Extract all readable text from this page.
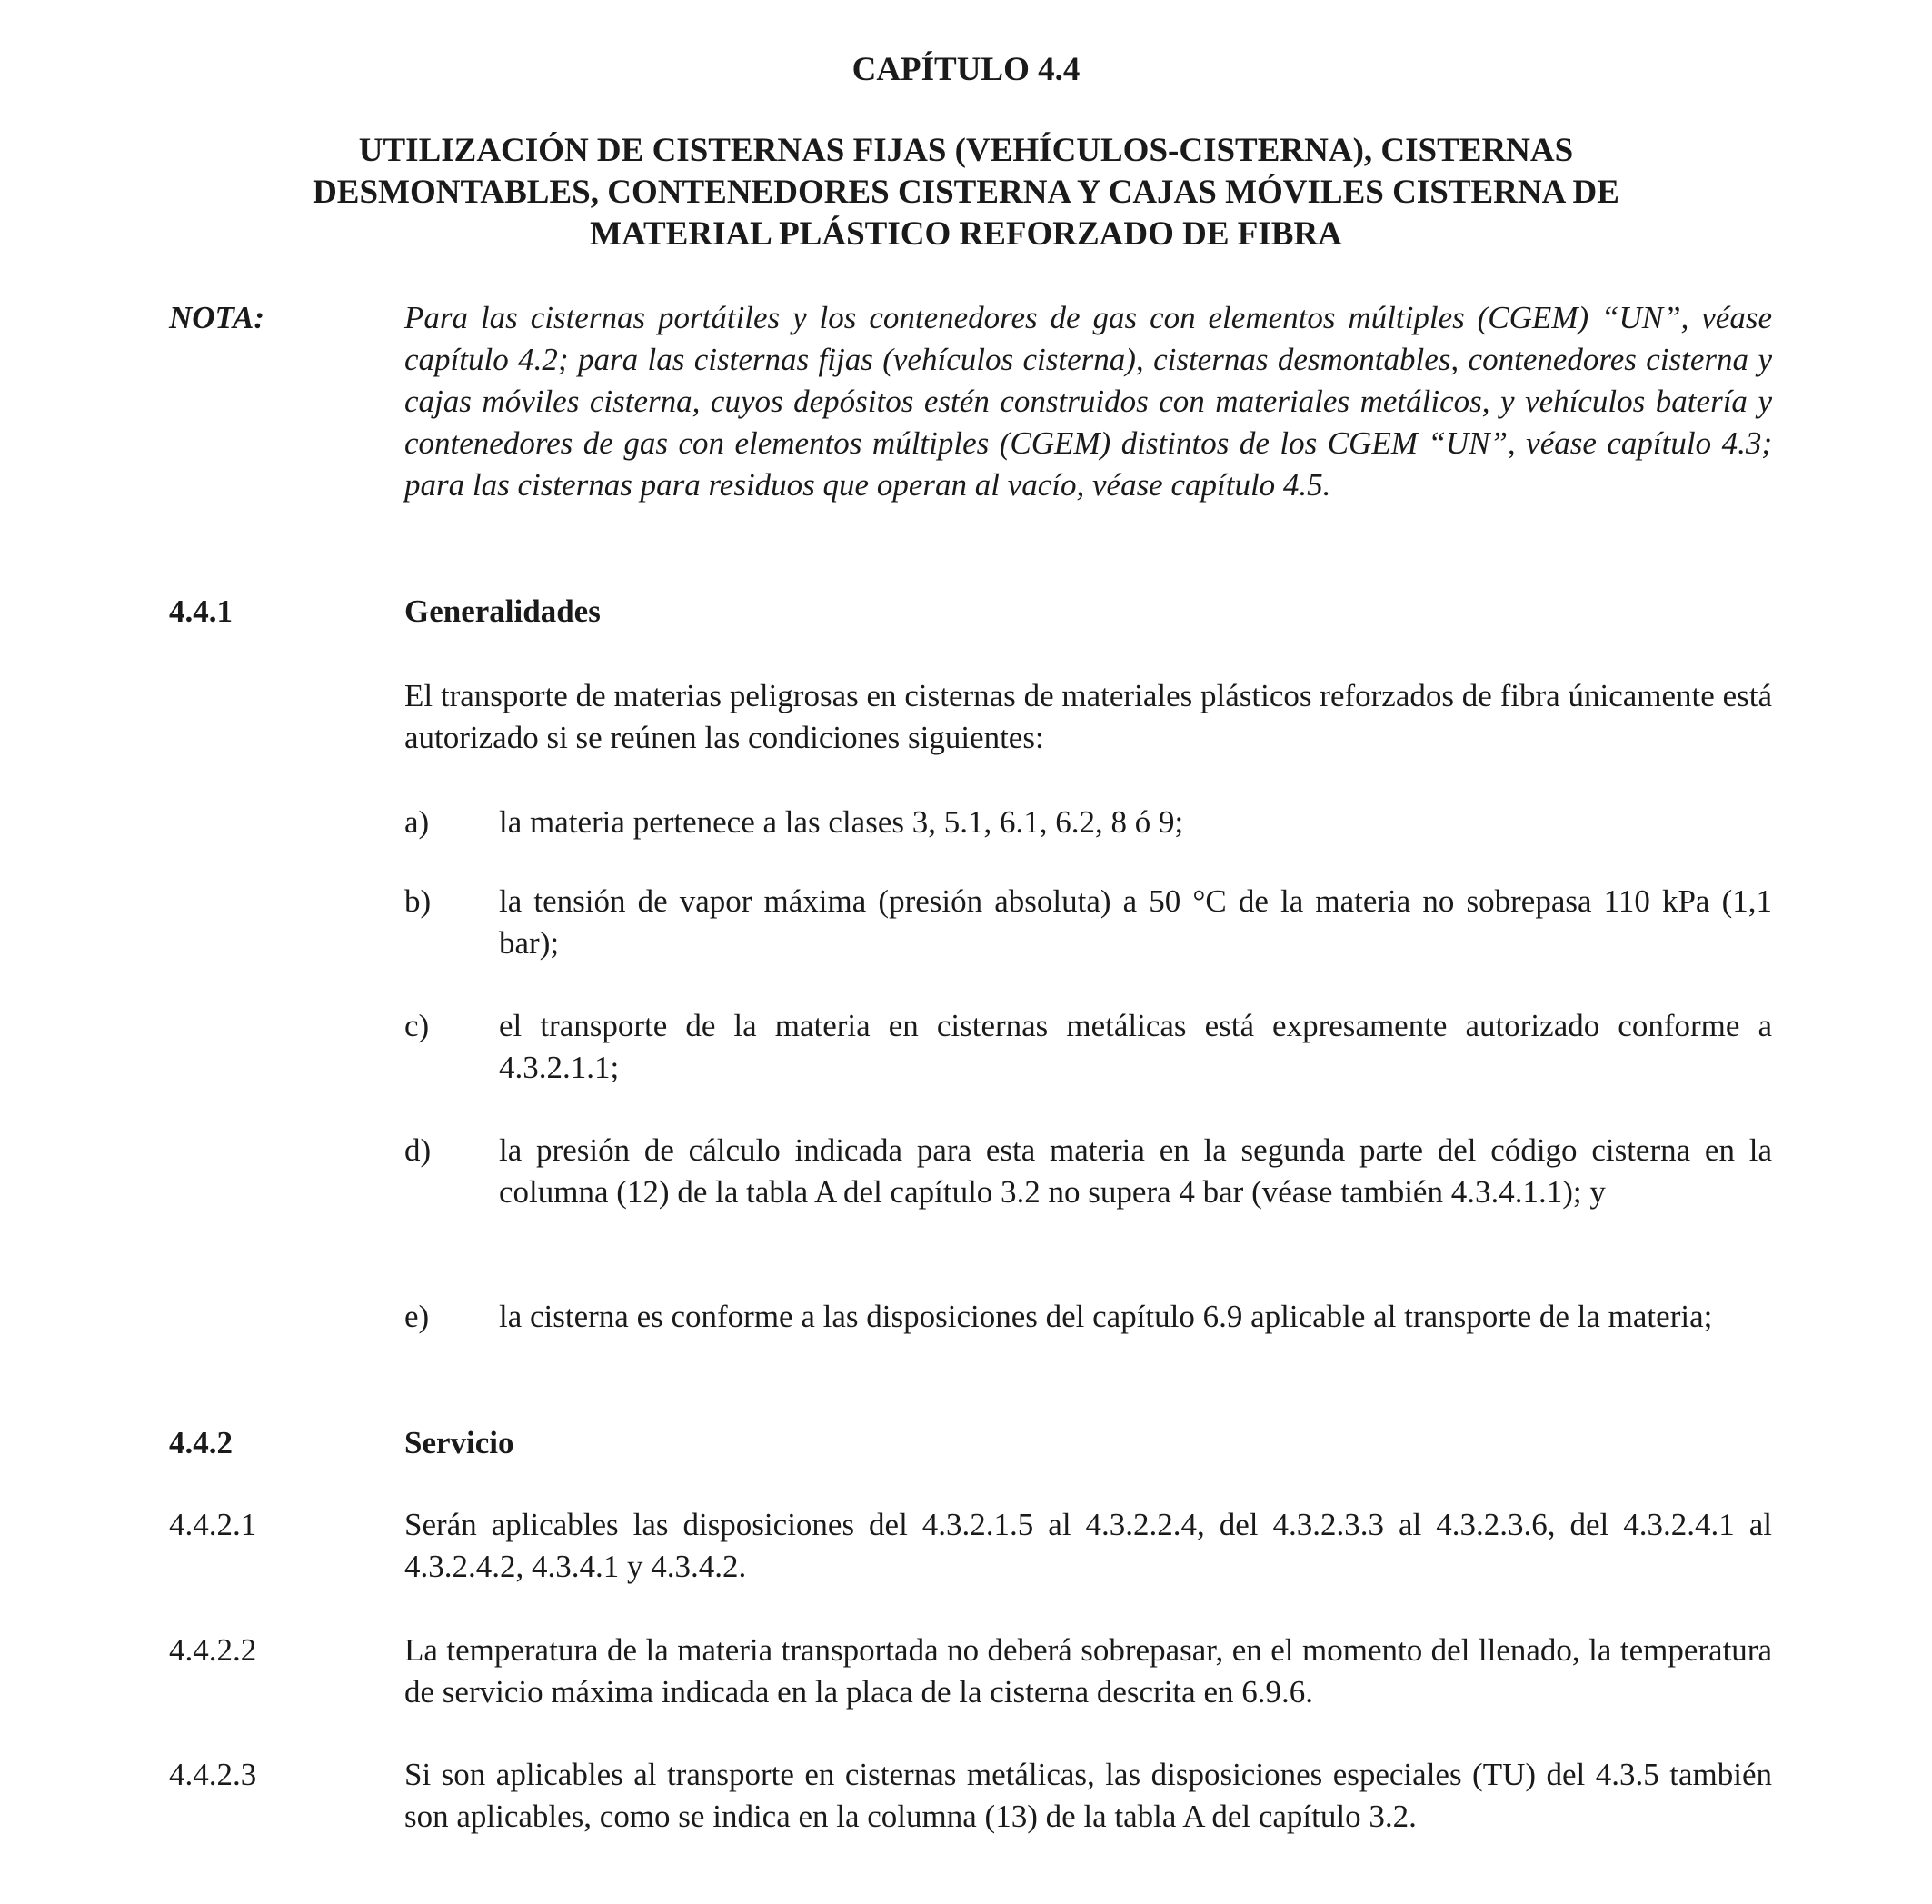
CAPÍTULO 4.4
UTILIZACIÓN DE CISTERNAS FIJAS (VEHÍCULOS-CISTERNA), CISTERNAS
DESMONTABLES, CONTENEDORES CISTERNA Y CAJAS MÓVILES CISTERNA DE
MATERIAL PLÁSTICO REFORZADO DE FIBRA
NOTA:	Para las cisternas portátiles y los contenedores de gas con elementos múltiples (CGEM) “UN”, véase capítulo 4.2; para las cisternas fijas (vehículos cisterna), cisternas desmontables, contenedores cisterna y cajas móviles cisterna, cuyos depósitos estén construidos con materiales metálicos, y vehículos batería y contenedores de gas con elementos múltiples (CGEM) distintos de los CGEM “UN”, véase capítulo 4.3; para las cisternas para residuos que operan al vacío, véase capítulo 4.5.
4.4.1	Generalidades
El transporte de materias peligrosas en cisternas de materiales plásticos reforzados de fibra únicamente está autorizado si se reúnen las condiciones siguientes:
a) la materia pertenece a las clases 3, 5.1, 6.1, 6.2, 8 ó 9;
b) la tensión de vapor máxima (presión absoluta) a 50 °C de la materia no sobrepasa 110 kPa (1,1 bar);
c) el transporte de la materia en cisternas metálicas está expresamente autorizado conforme a 4.3.2.1.1;
d) la presión de cálculo indicada para esta materia en la segunda parte del código cisterna en la columna (12) de la tabla A del capítulo 3.2 no supera 4 bar (véase también 4.3.4.1.1); y
e) la cisterna es conforme a las disposiciones del capítulo 6.9 aplicable al transporte de la materia;
4.4.2	Servicio
4.4.2.1	Serán aplicables las disposiciones del 4.3.2.1.5 al 4.3.2.2.4, del 4.3.2.3.3 al 4.3.2.3.6, del 4.3.2.4.1 al 4.3.2.4.2, 4.3.4.1 y 4.3.4.2.
4.4.2.2	La temperatura de la materia transportada no deberá sobrepasar, en el momento del llenado, la temperatura de servicio máxima indicada en la placa de la cisterna descrita en 6.9.6.
4.4.2.3	Si son aplicables al transporte en cisternas metálicas, las disposiciones especiales (TU) del 4.3.5 también son aplicables, como se indica en la columna (13) de la tabla A del capítulo 3.2.
